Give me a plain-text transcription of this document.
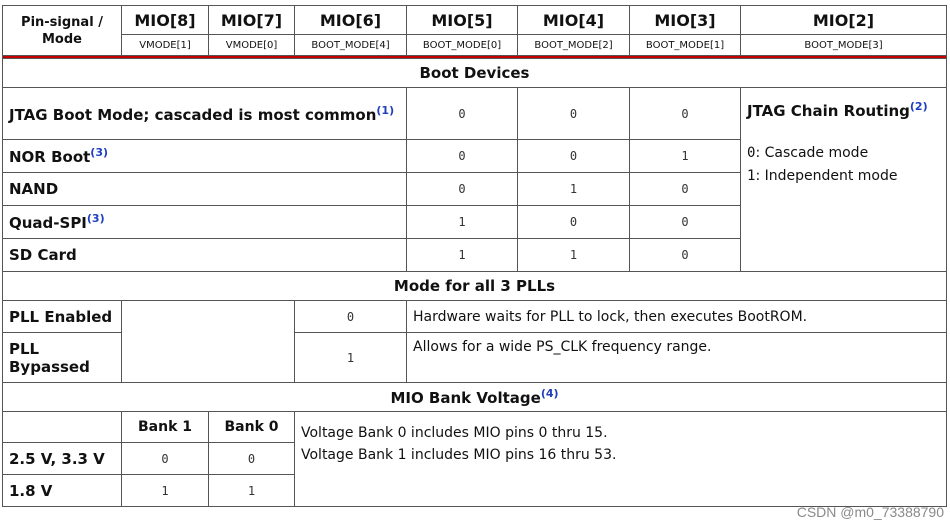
Pin-signal / Mode	MIO[8]	MIO[7]	MIO[6]	MIO[5]	MIO[4]	MIO[3]	MIO[2]
	VMODE[1]	VMODE[0]	BOOT_MODE[4]	BOOT_MODE[0]	BOOT_MODE[2]	BOOT_MODE[1]	BOOT_MODE[3]

Boot Devices							
JTAG Boot Mode; cascaded is most common$^{(1)}$				0	0	0	JTAG Chain Routing$^{(2)}$
0: Cascade mode
1: Independent mode

NOR Boot$^{(3)}$				0	0	1	
NAND				0	1	0	
Quad-SPI$^{(3)}$				1	0	0	
SD Card				1	1	0	
Mode for all 3 PLLs							
PLL Enabled			0	Hardware waits for PLL to lock, then executes BootROM.			
PLL Bypassed			1	Allows for a wide PS_CLK frequency range.			
MIO Bank Voltage$^{(4)}$
	Bank 1	Bank 0	Voltage Bank 0 includes MIO pins 0 thru 15.
Voltage Bank 1 includes MIO pins 16 thru 53.				

2.5 V, 3.3 V	0	0					
1.8 V	1	1					
CSDN @m0_73388790
